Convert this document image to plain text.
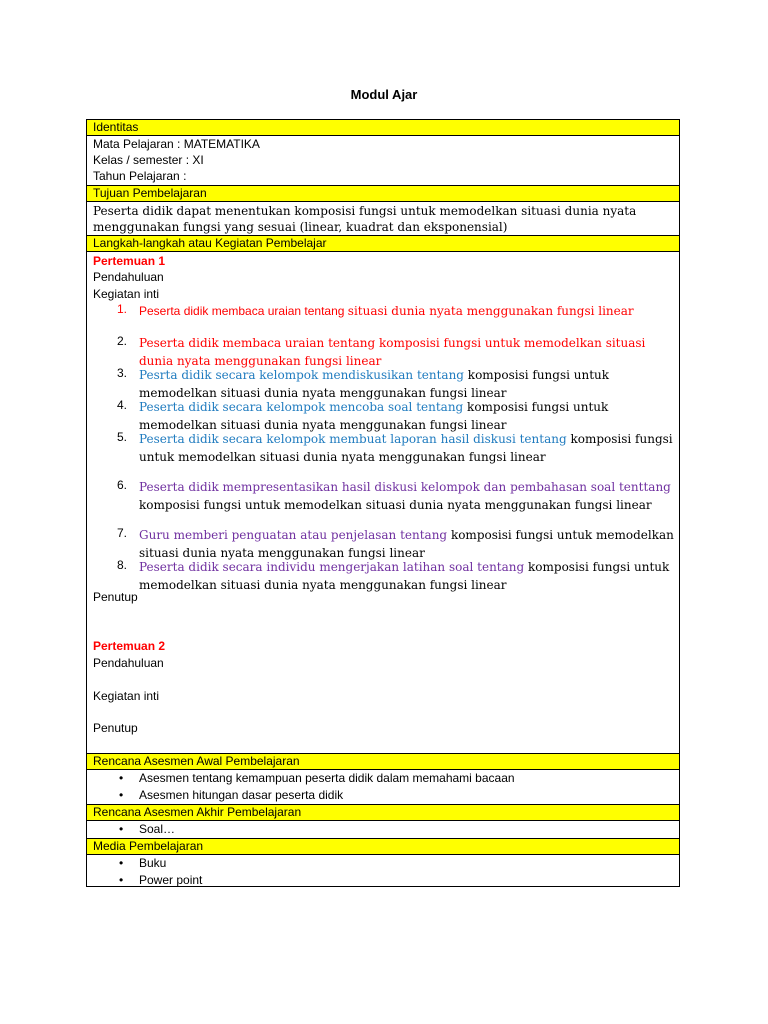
Modul Ajar
Identitas
Mata Pelajaran : MATEMATIKA
Kelas / semester : XI
Tahun Pelajaran :
Tujuan Pembelajaran
Peserta didik dapat menentukan komposisi fungsi untuk memodelkan situasi dunia nyata menggunakan fungsi yang sesuai (linear, kuadrat dan eksponensial)
Langkah-langkah atau Kegiatan Pembelajar
Pertemuan 1
Pendahuluan
Kegiatan inti
1. Peserta didik membaca uraian tentang situasi dunia nyata menggunakan fungsi linear
2. Peserta didik membaca uraian tentang komposisi fungsi untuk memodelkan situasi dunia nyata menggunakan fungsi linear
3. Pesrta didik secara kelompok mendiskusikan tentang komposisi fungsi untuk memodelkan situasi dunia nyata menggunakan fungsi linear
4. Peserta didik secara kelompok mencoba soal tentang komposisi fungsi untuk memodelkan situasi dunia nyata menggunakan fungsi linear
5. Peserta didik secara kelompok membuat laporan hasil diskusi tentang komposisi fungsi untuk memodelkan situasi dunia nyata menggunakan fungsi linear
6. Peserta didik mempresentasikan hasil diskusi kelompok dan pembahasan soal tenttang komposisi fungsi untuk memodelkan situasi dunia nyata menggunakan fungsi linear
7. Guru memberi penguatan atau penjelasan tentang komposisi fungsi untuk memodelkan situasi dunia nyata menggunakan fungsi linear
8. Peserta didik secara individu mengerjakan latihan soal tentang komposisi fungsi untuk memodelkan situasi dunia nyata menggunakan fungsi linear
Penutup
Pertemuan 2
Pendahuluan
Kegiatan inti
Penutup
Rencana Asesmen Awal Pembelajaran
• Asesmen tentang kemampuan peserta didik dalam memahami bacaan
• Asesmen hitungan dasar peserta didik
Rencana Asesmen Akhir Pembelajaran
• Soal…
Media Pembelajaran
• Buku
• Power point
